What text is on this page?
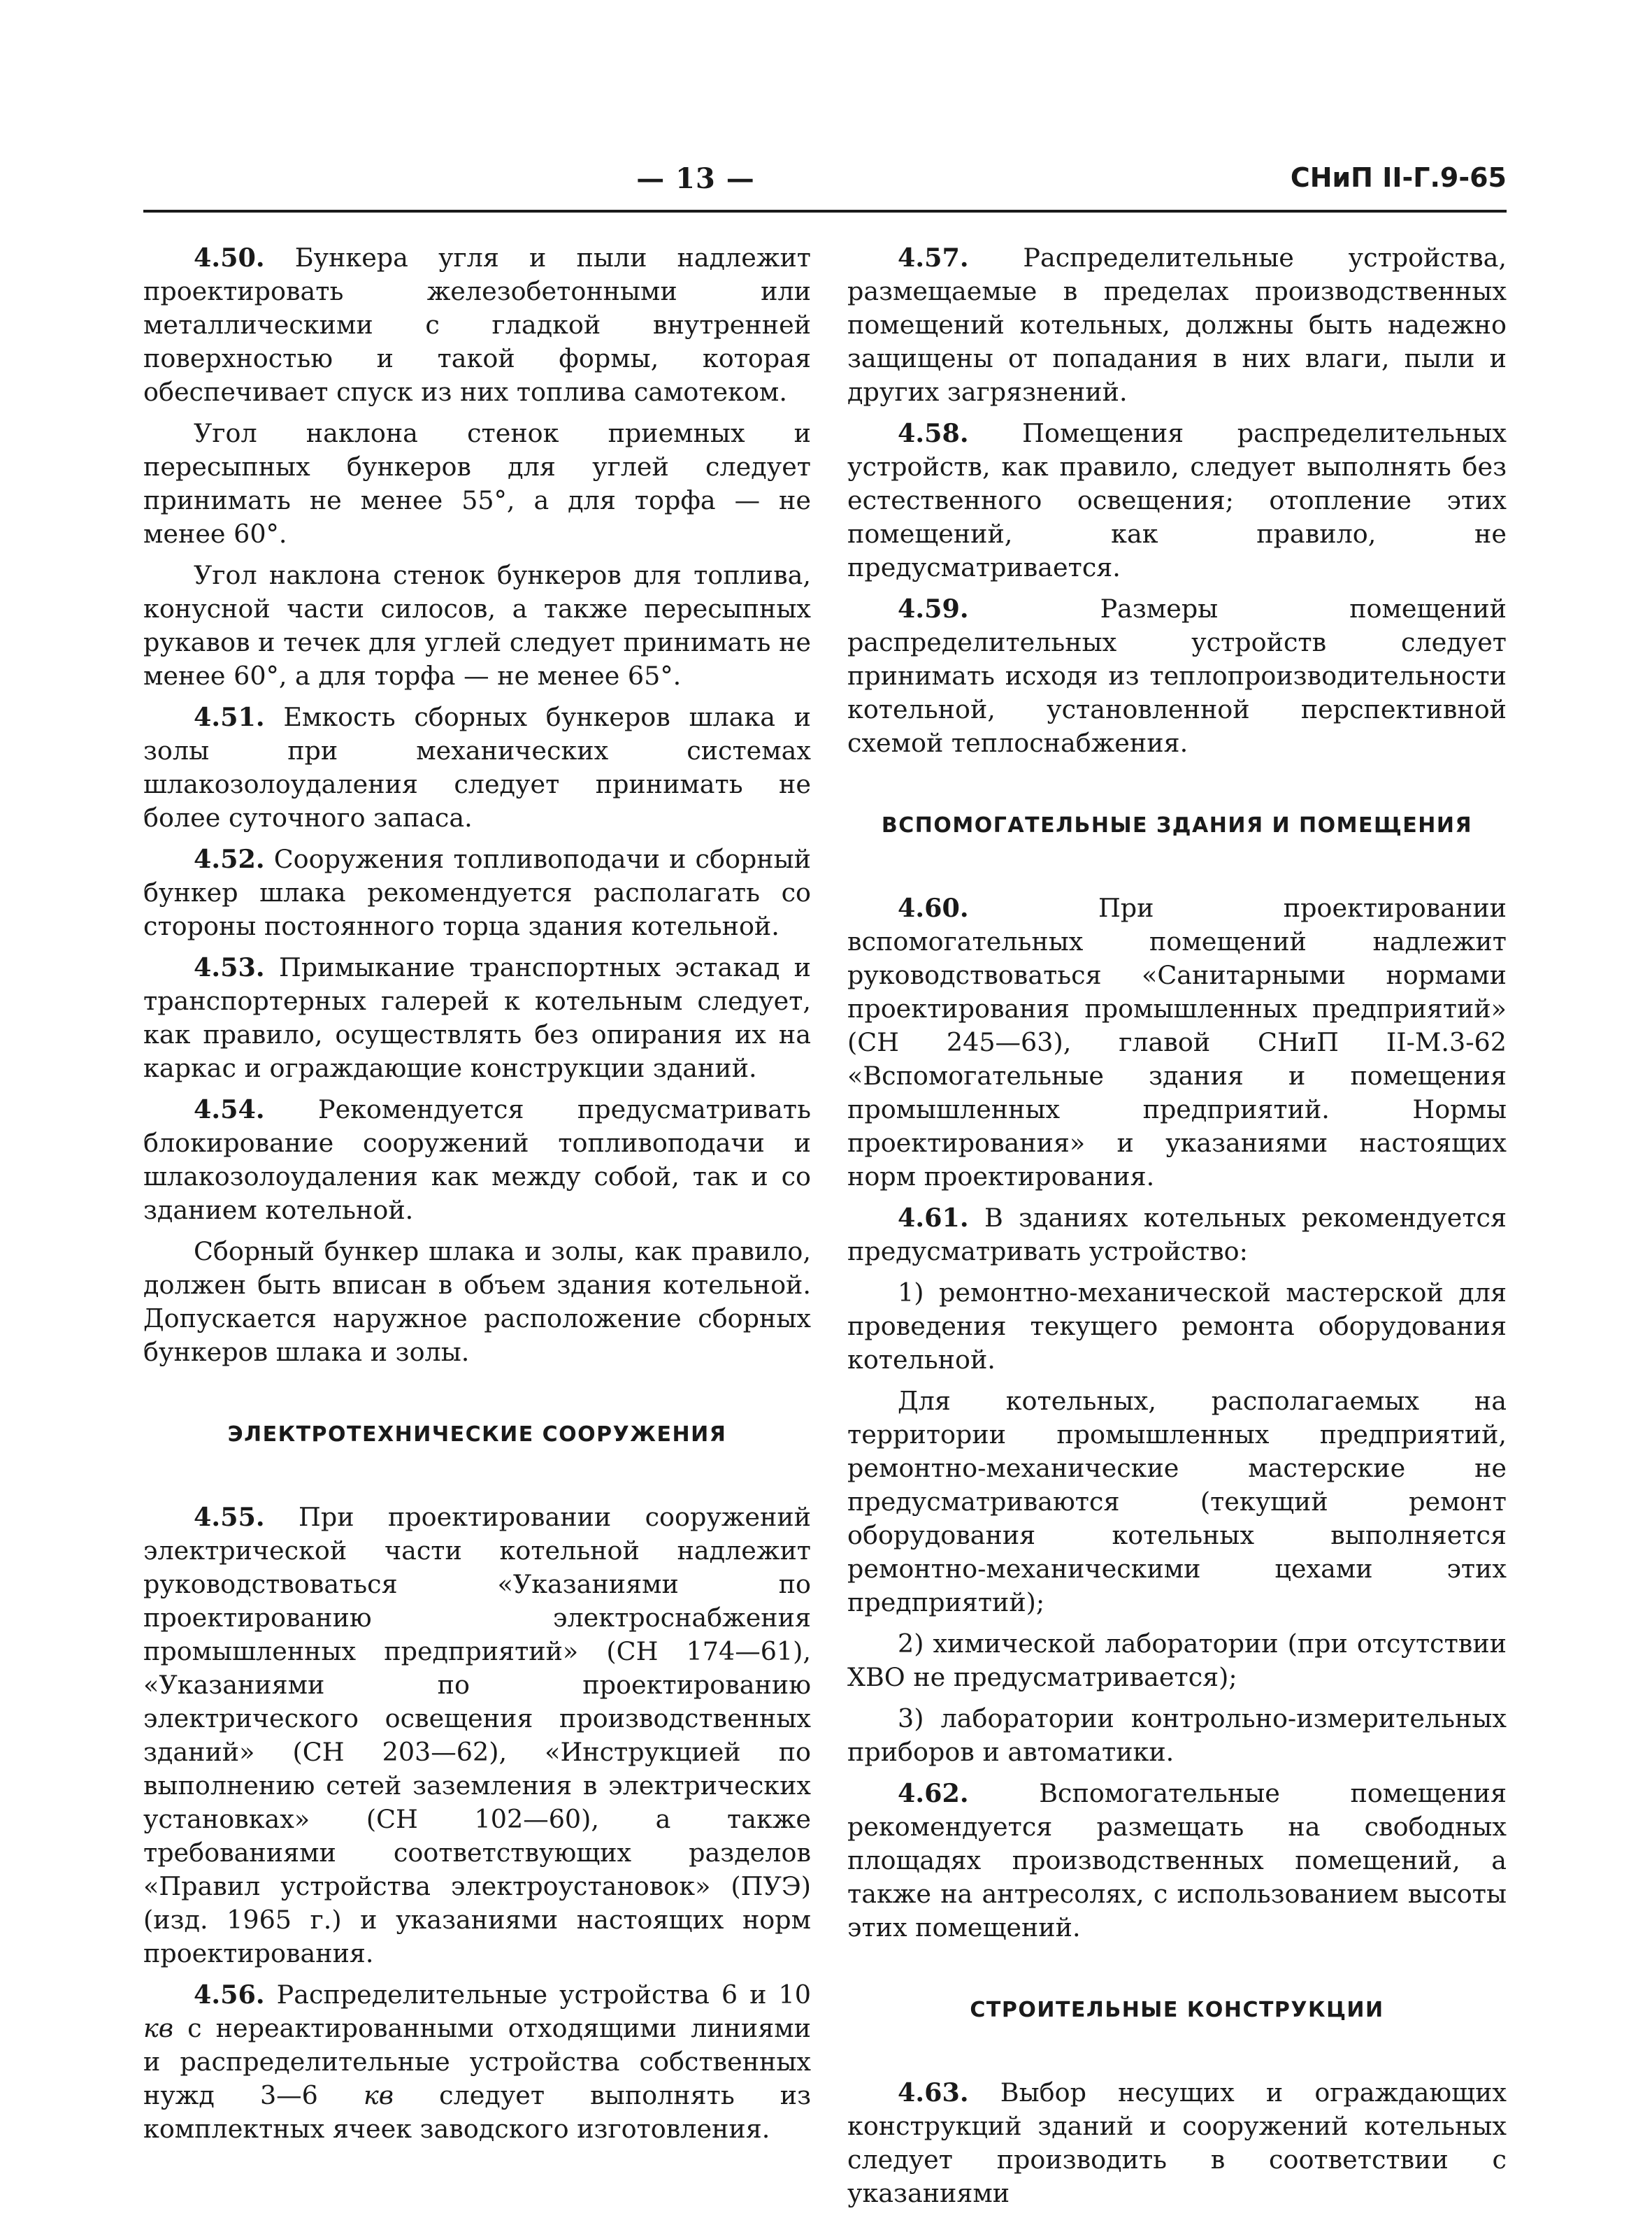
— 13 —	СНиП II-Г.9-65

4.50. Бункера угля и пыли надлежит проектировать железобетонными или металлическими с гладкой внутренней поверхностью и такой формы, которая обеспечивает спуск из них топлива самотеком.

Угол наклона стенок приемных и пересыпных бункеров для углей следует принимать не менее 55°, а для торфа — не менее 60°.

Угол наклона стенок бункеров для топлива, конусной части силосов, а также пересыпных рукавов и течек для углей следует принимать не менее 60°, а для торфа — не менее 65°.

4.51. Емкость сборных бункеров шлака и золы при механических системах шлакозолоудаления следует принимать не более суточного запаса.

4.52. Сооружения топливоподачи и сборный бункер шлака рекомендуется располагать со стороны постоянного торца здания котельной.

4.53. Примыкание транспортных эстакад и транспортерных галерей к котельным следует, как правило, осуществлять без опирания их на каркас и ограждающие конструкции зданий.

4.54. Рекомендуется предусматривать блокирование сооружений топливоподачи и шлакозолоудаления как между собой, так и со зданием котельной.

Сборный бункер шлака и золы, как правило, должен быть вписан в объем здания котельной. Допускается наружное расположение сборных бункеров шлака и золы.

ЭЛЕКТРОТЕХНИЧЕСКИЕ СООРУЖЕНИЯ

4.55. При проектировании сооружений электрической части котельной надлежит руководствоваться «Указаниями по проектированию электроснабжения промышленных предприятий» (СН 174—61), «Указаниями по проектированию электрического освещения производственных зданий» (СН 203—62), «Инструкцией по выполнению сетей заземления в электрических установках» (СН 102—60), а также требованиями соответствующих разделов «Правил устройства электроустановок» (ПУЭ) (изд. 1965 г.) и указаниями настоящих норм проектирования.

4.56. Распределительные устройства 6 и 10 кв с нереактированными отходящими линиями и распределительные устройства собственных нужд 3—6 кв следует выполнять из комплектных ячеек заводского изготовления.

4.57. Распределительные устройства, размещаемые в пределах производственных помещений котельных, должны быть надежно защищены от попадания в них влаги, пыли и других загрязнений.

4.58. Помещения распределительных устройств, как правило, следует выполнять без естественного освещения; отопление этих помещений, как правило, не предусматривается.

4.59.	Размеры помещений распределительных устройств следует принимать исходя из теплопроизводительности котельной, установленной перспективной схемой теплоснабжения.

ВСПОМОГАТЕЛЬНЫЕ ЗДАНИЯ И ПОМЕЩЕНИЯ

4.60.	При проектировании вспомогательных помещений надлежит руководствоваться «Санитарными нормами проектирования промышленных предприятий» (СН 245—63), главой СНиП II-М.3-62 «Вспомогательные здания и помещения промышленных предприятий. Нормы проектирования» и указаниями настоящих норм проектирования.

4.61. В зданиях котельных рекомендуется предусматривать устройство:

1) ремонтно-механической мастерской для проведения текущего ремонта оборудования котельной.

Для котельных, располагаемых на территории промышленных предприятий, ремонтно-механические мастерские не предусматриваются (текущий ремонт оборудования котельных выполняется ремонтно-механическими цехами этих предприятий);

2) химической лаборатории (при отсутствии ХВО не предусматривается);

3) лаборатории контрольно-измерительных приборов и автоматики.

4.62.	Вспомогательные помещения рекомендуется размещать на свободных площадях производственных помещений, а также на антресолях, с использованием высоты этих помещений.

СТРОИТЕЛЬНЫЕ КОНСТРУКЦИИ

4.63. Выбор несущих и ограждающих конструкций зданий и сооружений котельных следует производить в соответствии с указаниями
